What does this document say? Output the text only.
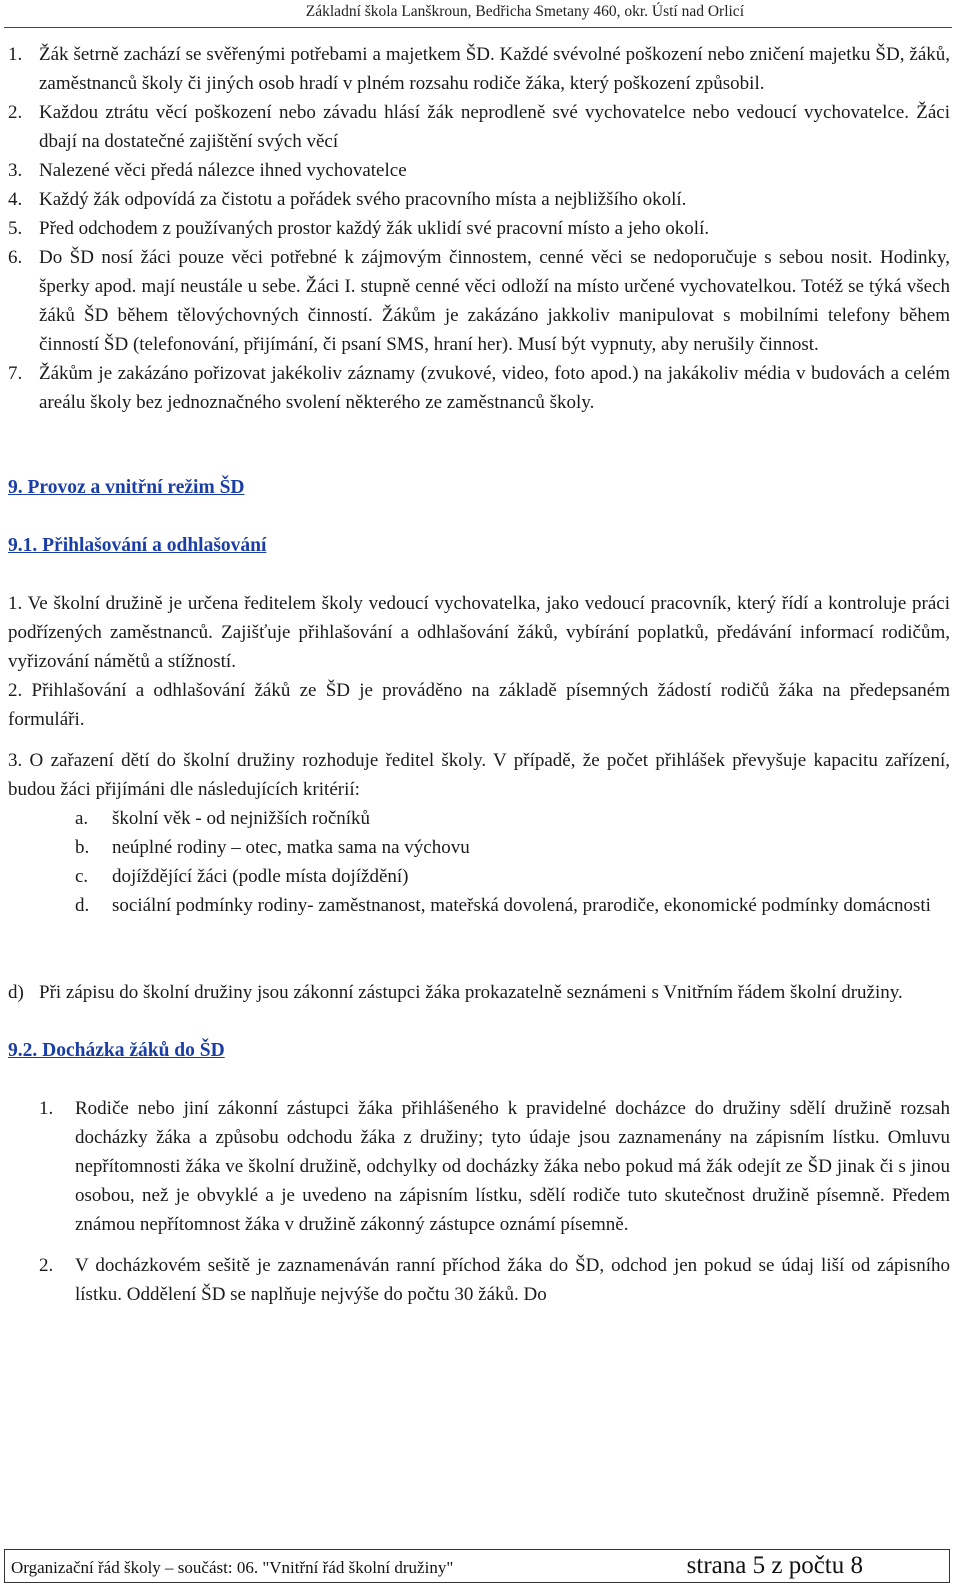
Základní škola Lanškroun, Bedřicha Smetany 460, okr. Ústí nad Orlicí

1. Žák šetrně zachází se svěřenými potřebami a majetkem ŠD. Každé svévolné poškození nebo zničení majetku ŠD, žáků, zaměstnanců školy či jiných osob hradí v plném rozsahu rodiče žáka, který poškození způsobil.

2. Každou ztrátu věcí poškození nebo závadu hlásí žák neprodleně své vychovatelce nebo vedoucí vychovatelce. Žáci dbají na dostatečné zajištění svých věcí

3. Nalezené věci předá nálezce ihned vychovatelce

4. Každý žák odpovídá za čistotu a pořádek svého pracovního místa a nejbližšího okolí.

5. Před odchodem z používaných prostor každý žák uklidí své pracovní místo a jeho okolí.

6. Do ŠD nosí žáci pouze věci potřebné k zájmovým činnostem, cenné věci se nedoporučuje s sebou nosit. Hodinky, šperky apod. mají neustále u sebe. Žáci I. stupně cenné věci odloží na místo určené vychovatelkou. Totéž se týká všech žáků ŠD během tělovýchovných činností. Žákům je zakázáno jakkoliv manipulovat s mobilními telefony během činností ŠD (telefonování, přijímání, či psaní SMS, hraní her). Musí být vypnuty, aby nerušily činnost.

7. Žákům je zakázáno pořizovat jakékoliv záznamy (zvukové, video, foto apod.) na jakákoliv média v budovách a celém areálu školy bez jednoznačného svolení některého ze zaměstnanců školy.

9. Provoz a vnitřní režim ŠD

9.1. Přihlašování a odhlašování

1. Ve školní družině je určena ředitelem školy vedoucí vychovatelka, jako vedoucí pracovník, který řídí a kontroluje práci podřízených zaměstnanců. Zajišťuje přihlašování a odhlašování žáků, vybírání poplatků, předávání informací rodičům, vyřizování námětů a stížností.

2. Přihlašování a odhlašování žáků ze ŠD je prováděno na základě písemných žádostí rodičů žáka na předepsaném formuláři.

3. O zařazení dětí do školní družiny rozhoduje ředitel školy. V případě, že počet přihlášek převyšuje kapacitu zařízení, budou žáci přijímáni dle následujících kritérií:

a. školní věk - od nejnižších ročníků

b. neúplné rodiny – otec, matka sama na výchovu

c. dojíždějící žáci (podle místa dojíždění)

d. sociální podmínky rodiny- zaměstnanost, mateřská dovolená, prarodiče, ekonomické podmínky domácnosti

d) Při zápisu do školní družiny jsou zákonní zástupci žáka prokazatelně seznámeni s Vnitřním řádem školní družiny.

9.2. Docházka žáků do ŠD

1. Rodiče nebo jiní zákonní zástupci žáka přihlášeného k pravidelné docházce do družiny sdělí družině rozsah docházky žáka a způsobu odchodu žáka z družiny; tyto údaje jsou zaznamenány na zápisním lístku. Omluvu nepřítomnosti žáka ve školní družině, odchylky od docházky žáka nebo pokud má žák odejít ze ŠD jinak či s jinou osobou, než je obvyklé a je uvedeno na zápisním lístku, sdělí rodiče tuto skutečnost družině písemně. Předem známou nepřítomnost žáka v družině zákonný zástupce oznámí písemně.

2. V docházkovém sešitě je zaznamenáván ranní příchod žáka do ŠD, odchod jen pokud se údaj liší od zápisního lístku. Oddělení ŠD se naplňuje nejvýše do počtu 30 žáků. Do

Organizační řád školy – součást: 06. "Vnitřní řád školní družiny"	strana 5 z počtu 8
